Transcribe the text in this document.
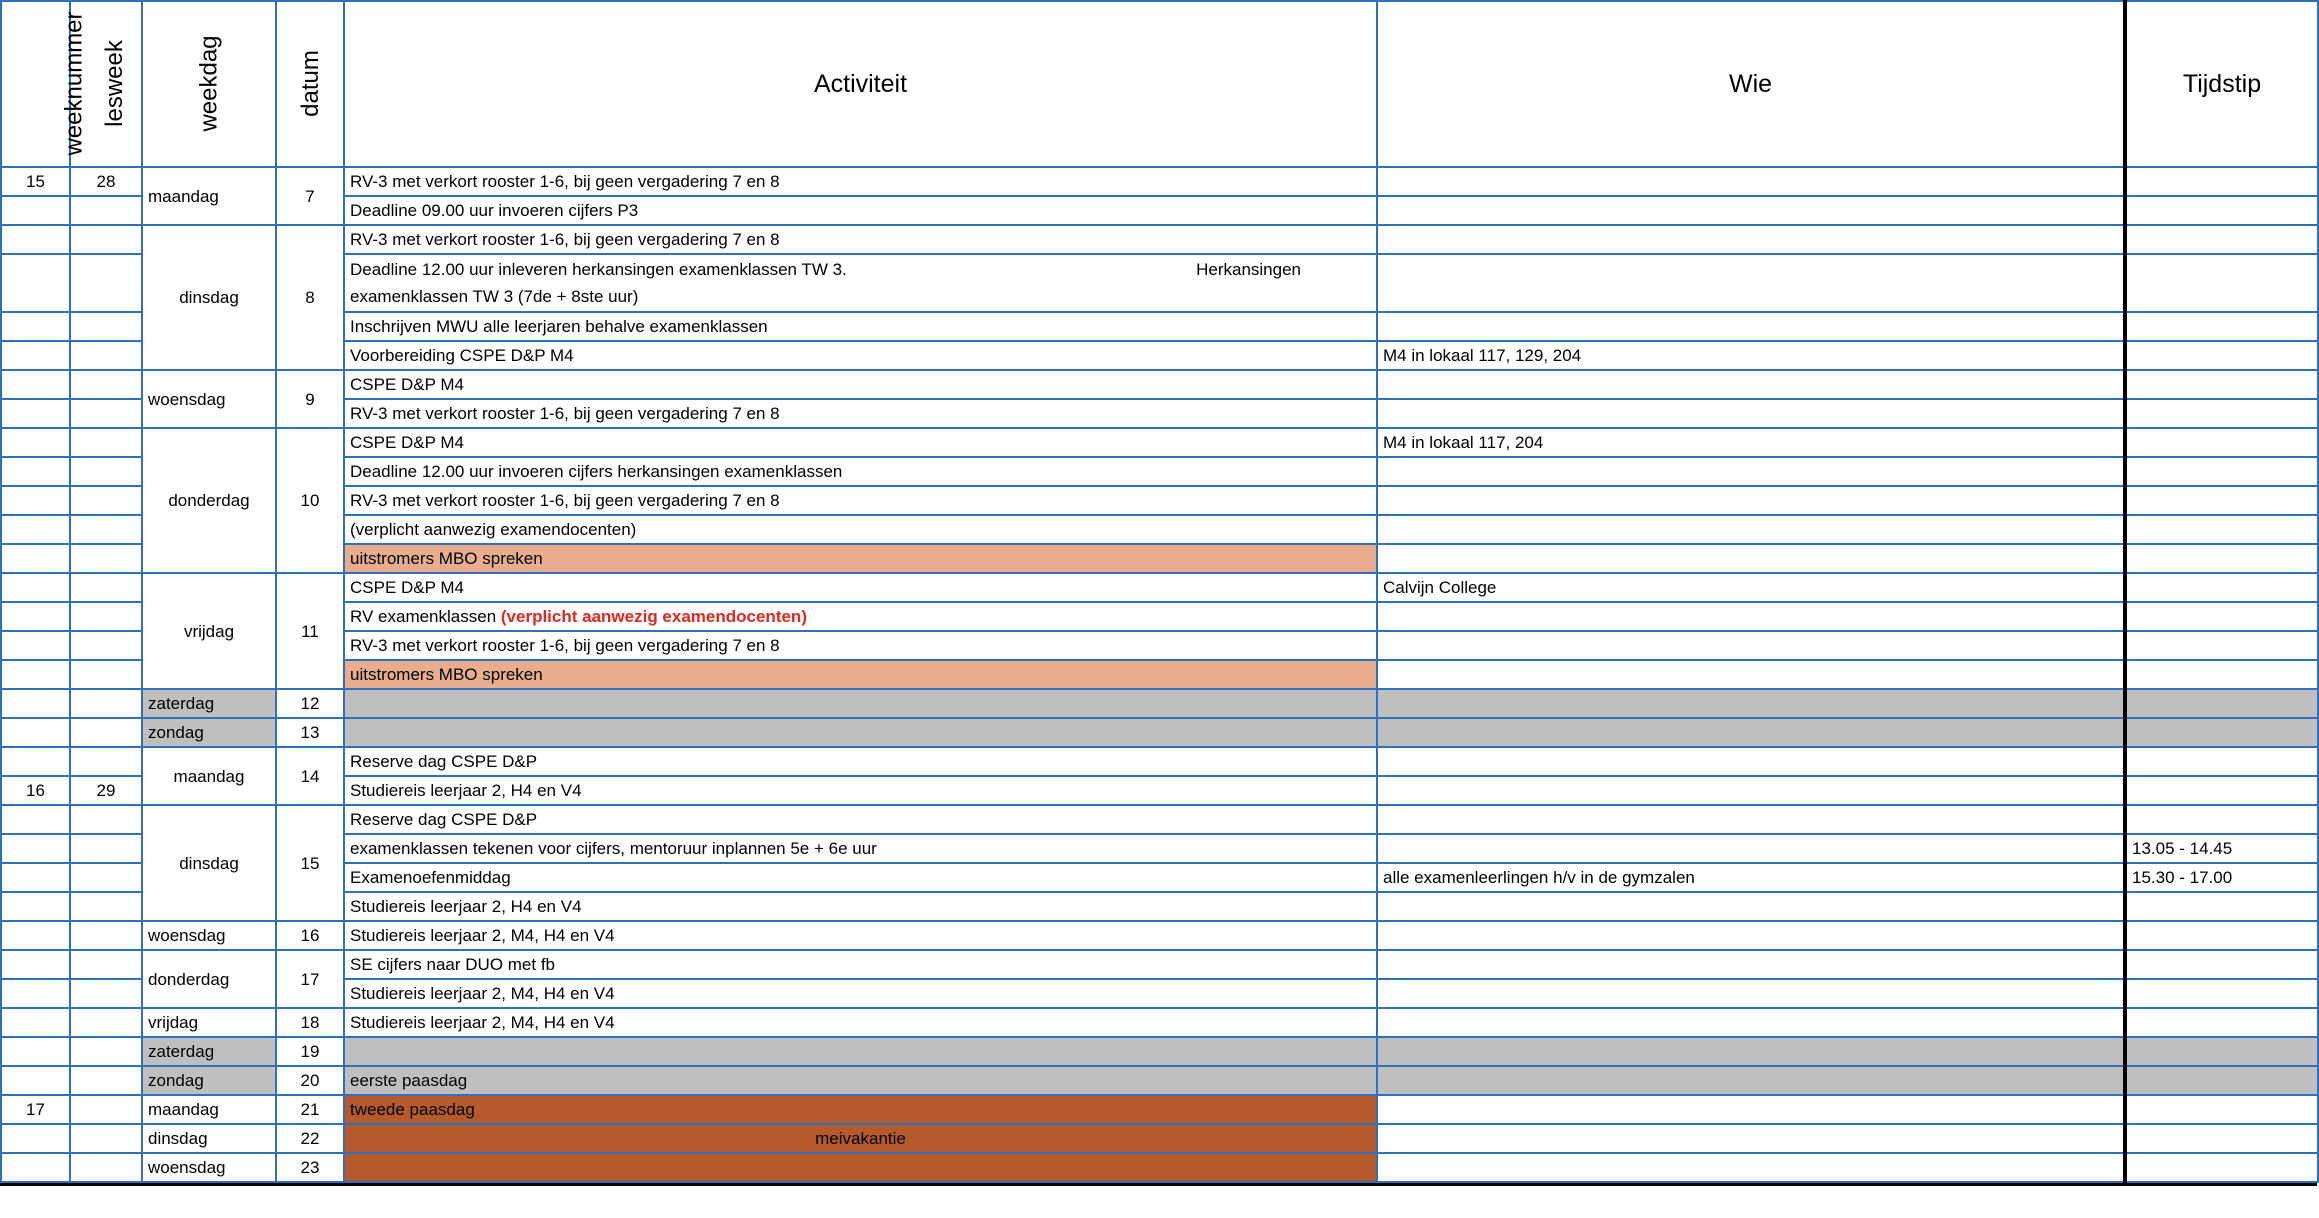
weeknummer	lesweek	weekdag	datum	Activiteit	Wie	Tijdstip
15	28	maandag	7	RV-3 met verkort rooster 1-6, bij geen vergadering 7 en 8		
				Deadline 09.00 uur invoeren cijfers P3		
		dinsdag	8	RV-3 met verkort rooster 1-6, bij geen vergadering 7 en 8		

				Deadline 12.00 uur inleveren herkansingen examenklassen TW 3. Herkansingen
examenklassen TW 3 (7de + 8ste uur)		

				Inschrijven MWU alle leerjaren behalve examenklassen		
				Voorbereiding CSPE D&P M4	M4 in lokaal 117, 129, 204	
		woensdag	9	CSPE D&P M4		
				RV-3 met verkort rooster 1-6, bij geen vergadering 7 en 8		
		donderdag	10	CSPE D&P M4	M4 in lokaal 117, 204	
				Deadline 12.00 uur invoeren cijfers herkansingen examenklassen		
				RV-3 met verkort rooster 1-6, bij geen vergadering 7 en 8		
				(verplicht aanwezig examendocenten)		
				uitstromers MBO spreken		
		vrijdag	11	CSPE D&P M4	Calvijn College	
				RV examenklassen (verplicht aanwezig examendocenten)		
				RV-3 met verkort rooster 1-6, bij geen vergadering 7 en 8		
				uitstromers MBO spreken		
		zaterdag	12			
		zondag	13			
		maandag	14	Reserve dag CSPE D&P		
16	29			Studiereis leerjaar 2, H4 en V4		
		dinsdag	15	Reserve dag CSPE D&P		
				examenklassen tekenen voor cijfers, mentoruur inplannen 5e + 6e uur		13.05 - 14.45
				Examenoefenmiddag	alle examenleerlingen h/v in de gymzalen	15.30 - 17.00
				Studiereis leerjaar 2, H4 en V4		
		woensdag	16	Studiereis leerjaar 2, M4, H4 en V4		
		donderdag	17	SE cijfers naar DUO met fb		
				Studiereis leerjaar 2, M4, H4 en V4		
		vrijdag	18	Studiereis leerjaar 2, M4, H4 en V4		
		zaterdag	19			
		zondag	20	eerste paasdag		
17		maandag	21	tweede paasdag		
		dinsdag	22	meivakantie		
		woensdag	23			
